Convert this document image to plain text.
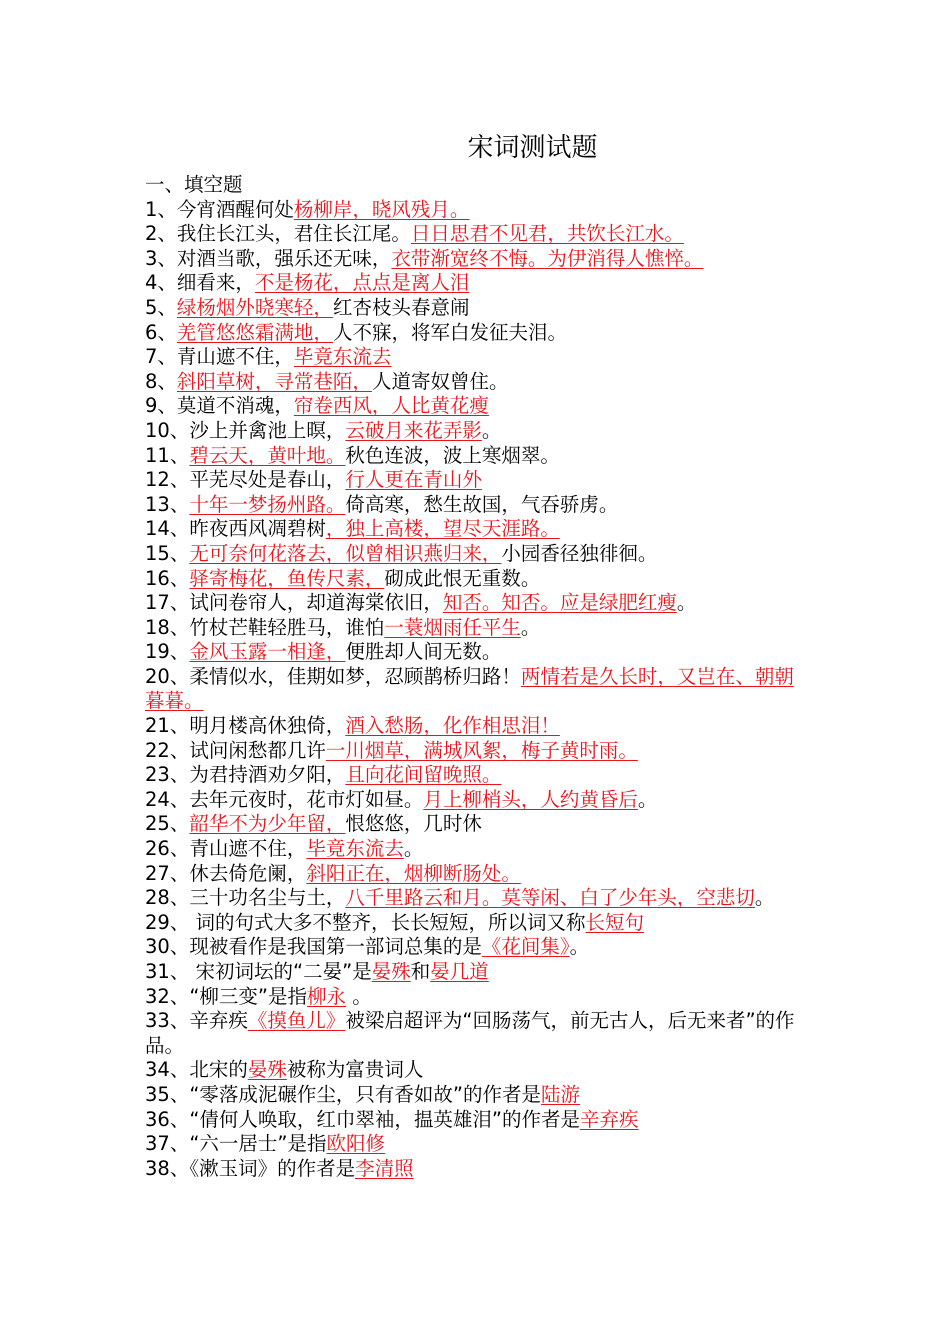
宋词测试题
一、填空题
1、今宵酒醒何处杨柳岸，晓风残月。
2、我住长江头，君住长江尾。日日思君不见君，共饮长江水。
3、对酒当歌，强乐还无味，衣带渐宽终不悔。为伊消得人憔悴。
4、细看来，不是杨花，点点是离人泪
5、绿杨烟外晓寒轻，红杏枝头春意闹
6、羌管悠悠霜满地，人不寐，将军白发征夫泪。
7、青山遮不住，毕竟东流去
8、斜阳草树，寻常巷陌，人道寄奴曾住。
9、莫道不消魂，帘卷西风，人比黄花瘦
10、沙上并禽池上暝，云破月来花弄影。
11、碧云天，黄叶地。秋色连波，波上寒烟翠。
12、平芜尽处是春山，行人更在青山外
13、十年一梦扬州路。倚高寒，愁生故国，气吞骄虏。
14、昨夜西风凋碧树，独上高楼，望尽天涯路。
15、无可奈何花落去，似曾相识燕归来，小园香径独徘徊。
16、驿寄梅花，鱼传尺素，砌成此恨无重数。
17、试问卷帘人，却道海棠依旧，知否。知否。应是绿肥红瘦。
18、竹杖芒鞋轻胜马，谁怕一蓑烟雨任平生。
19、金风玉露一相逢，便胜却人间无数。
20、柔情似水，佳期如梦，忍顾鹊桥归路！两情若是久长时，又岂在、朝朝暮暮。
21、明月楼高休独倚，酒入愁肠，化作相思泪！
22、试问闲愁都几许一川烟草，满城风絮，梅子黄时雨。
23、为君持酒劝夕阳，且向花间留晚照。
24、去年元夜时，花市灯如昼。月上柳梢头，人约黄昏后。
25、韶华不为少年留，恨悠悠，几时休
26、青山遮不住，毕竟东流去。
27、休去倚危阑，斜阳正在，烟柳断肠处。
28、三十功名尘与土，八千里路云和月。莫等闲、白了少年头，空悲切。
29、 词的句式大多不整齐，长长短短，所以词又称长短句
30、现被看作是我国第一部词总集的是《花间集》。
31、 宋初词坛的“二晏”是晏殊和晏几道
32、“柳三变”是指柳永 。
33、辛弃疾《摸鱼儿》被梁启超评为“回肠荡气，前无古人，后无来者”的作品。
34、北宋的晏殊被称为富贵词人
35、“零落成泥碾作尘，只有香如故”的作者是陆游
36、“倩何人唤取，红巾翠袖，揾英雄泪”的作者是辛弃疾
37、“六一居士”是指欧阳修
38、《漱玉词》的作者是李清照
